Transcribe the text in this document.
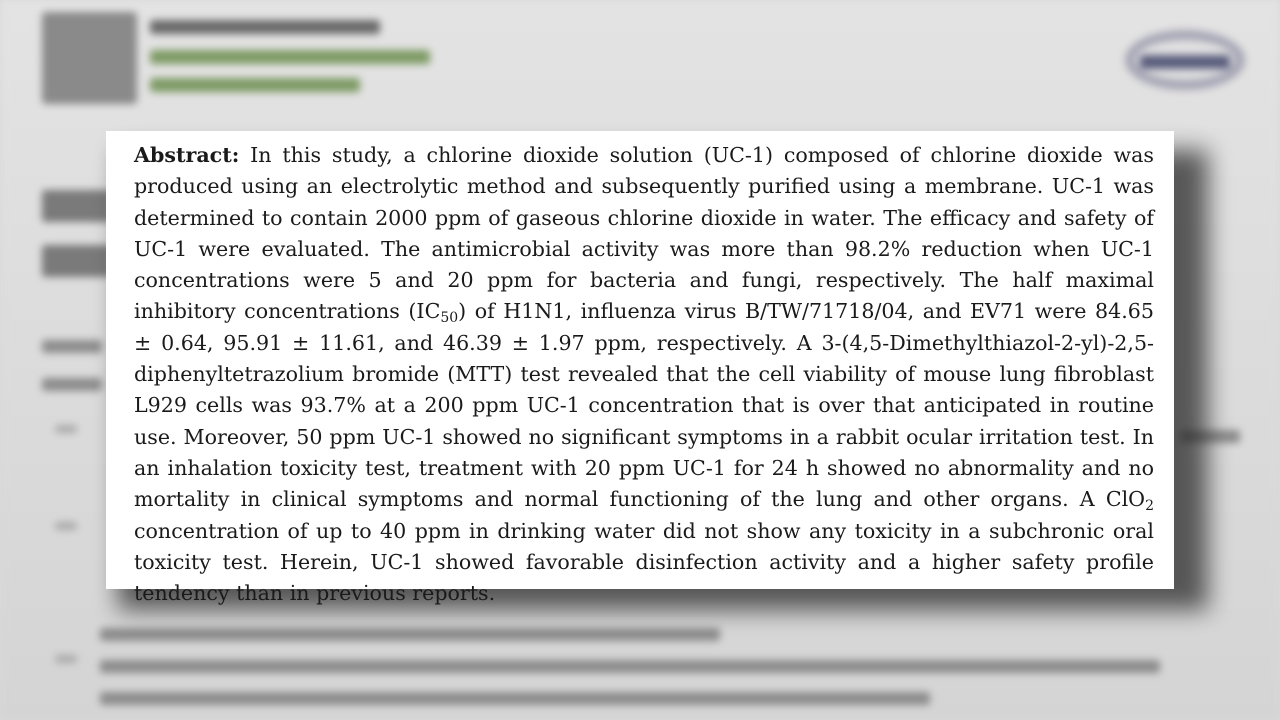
Abstract: In this study, a chlorine dioxide solution (UC-1) composed of chlorine dioxide was produced using an electrolytic method and subsequently purified using a membrane. UC-1 was determined to contain 2000 ppm of gaseous chlorine dioxide in water. The efficacy and safety of UC-1 were evaluated. The antimicrobial activity was more than 98.2% reduction when UC-1 concentrations were 5 and 20 ppm for bacteria and fungi, respectively. The half maximal inhibitory concentrations $(IC_{50})$ of H1N1, influenza virus B/TW/71718/04, and EV71 were 84.65 ± 0.64, 95.91 ± 11.61, and 46.39 ± 1.97 ppm, respectively. A 3-(4,5-Dimethylthiazol-2-yl)-2,5-diphenyltetrazolium bromide (MTT) test revealed that the cell viability of mouse lung fibroblast L929 cells was 93.7% at a 200 ppm UC-1 concentration that is over that anticipated in routine use. Moreover, 50 ppm UC-1 showed no significant symptoms in a rabbit ocular irritation test. In an inhalation toxicity test, treatment with 20 ppm UC-1 for 24 h showed no abnormality and no mortality in clinical symptoms and normal functioning of the lung and other organs. A ClO$_2$ concentration of up to 40 ppm in drinking water did not show any toxicity in a subchronic oral toxicity test. Herein, UC-1 showed favorable disinfection activity and a higher safety profile tendency than in previous reports.
